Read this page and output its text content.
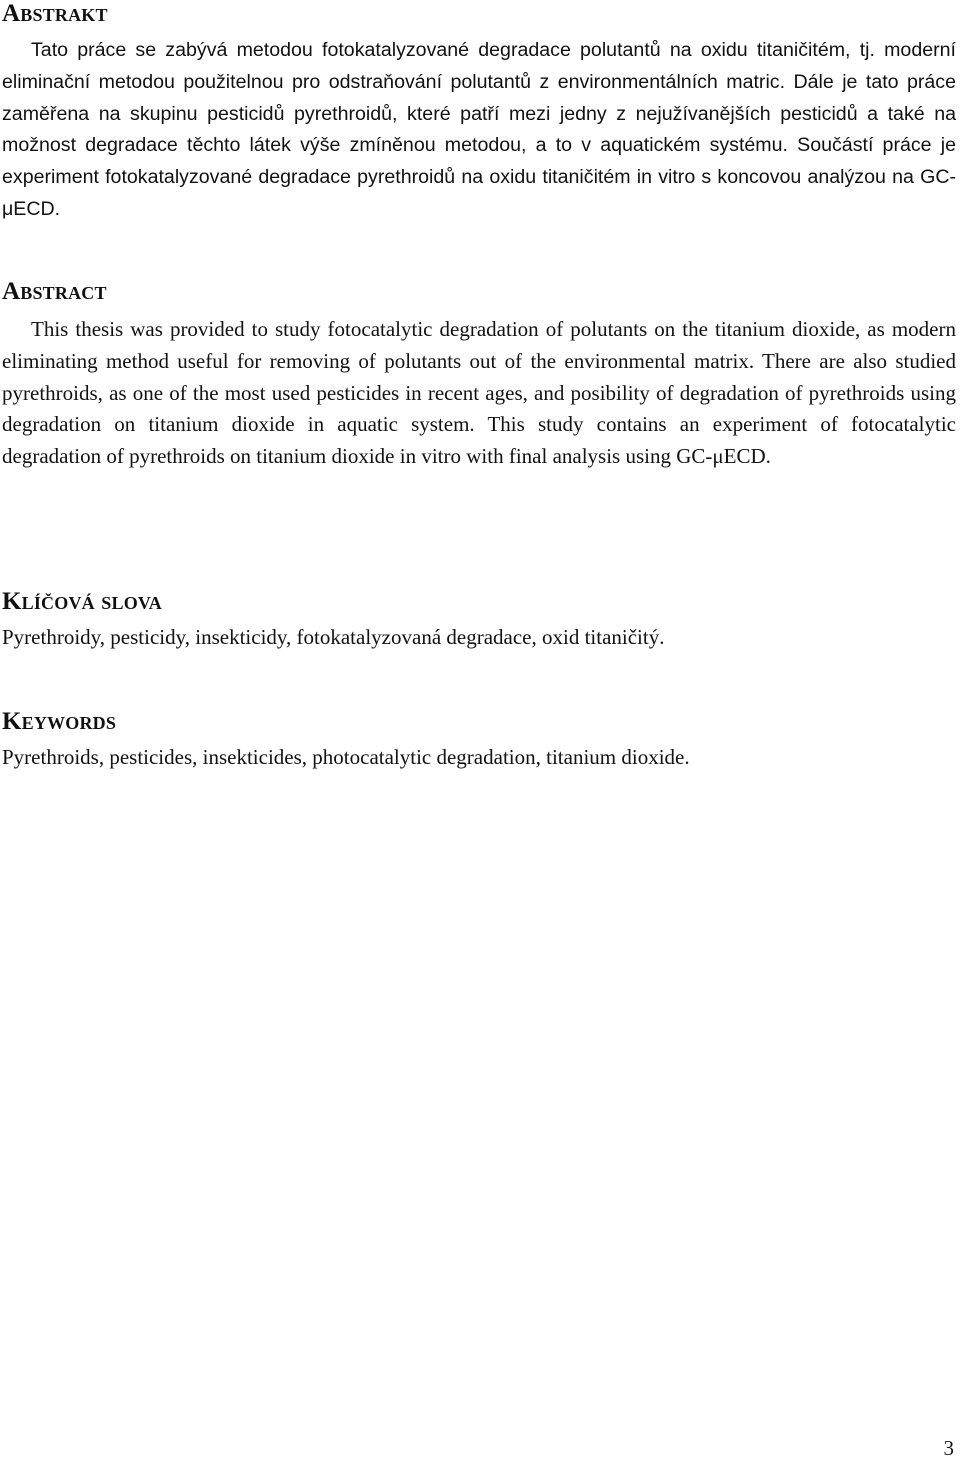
Abstrakt

Tato práce se zabývá metodou fotokatalyzované degradace polutantů na oxidu titaničitém, tj. moderní eliminační metodou použitelnou pro odstraňování polutantů z environmentálních matric. Dále je tato práce zaměřena na skupinu pesticidů pyrethroidů, které patří mezi jedny z nejužívanějších pesticidů a také na možnost degradace těchto látek výše zmíněnou metodou, a to v aquatickém systému. Součástí práce je experiment fotokatalyzované degradace pyrethroidů na oxidu titaničitém in vitro s koncovou analýzou na GC-μECD.

Abstract

This thesis was provided to study fotocatalytic degradation of polutants on the titanium dioxide, as modern eliminating method useful for removing of polutants out of the environmental matrix. There are also studied pyrethroids, as one of the most used pesticides in recent ages, and posibility of degradation of pyrethroids using degradation on titanium dioxide in aquatic system. This study contains an experiment of fotocatalytic degradation of pyrethroids on titanium dioxide in vitro with final analysis using GC-μECD.

Klíčová slova

Pyrethroidy, pesticidy, insekticidy, fotokatalyzovaná degradace, oxid titaničitý.

Keywords

Pyrethroids, pesticides, insekticides, photocatalytic degradation, titanium dioxide.

3
